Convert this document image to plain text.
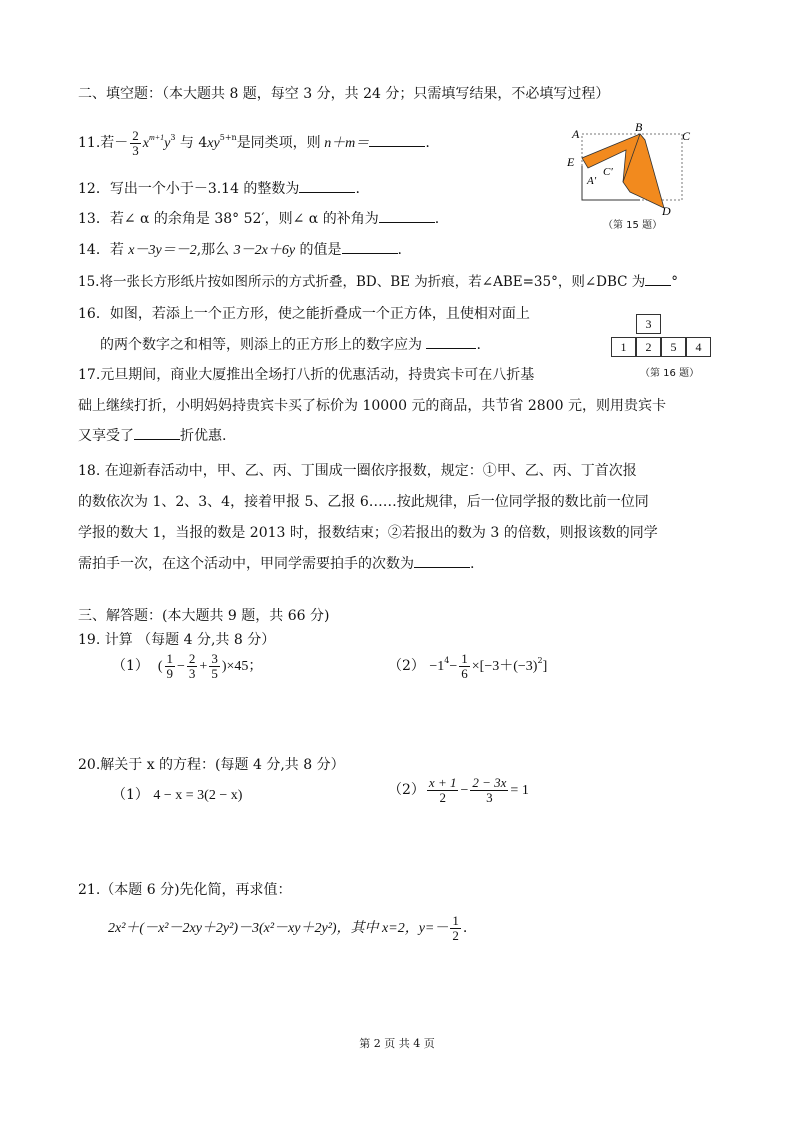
二、填空题：（本大题共 8 题，每空 3 分，共 24 分；只需填写结果，不必填写过程）
11.若－ $\frac{2}{3} x^{m+1}y^3$ 与 $4xy^{5+n}$是同类项，则 n＋m＝	.
12．写出一个小于－3.14 的整数为	.
13．若∠ α 的余角是 38° 52′，则∠ α 的补角为	.
14．若 x－3y＝－2,那么 3－2x＋6y 的值是	.
15.将一张长方形纸片按如图所示的方式折叠，BD、BE 为折痕，若∠ABE=35°，则∠DBC 为 °
A	B
C
E
A′
C′
D
（第 15 题）
16．如图，若添上一个正方形，使之能折叠成一个正方体，且使相对面上
的两个数字之和相等，则添上的正方形上的数字应为	.
3
1	2	5	4
（第 16 题）
17.元旦期间，商业大厦推出全场打八折的优惠活动，持贵宾卡可在八折基
础上继续打折，小明妈妈持贵宾卡买了标价为 10000 元的商品，共节省 2800 元，则用贵宾卡
又享受了	折优惠.
18. 在迎新春活动中，甲、乙、丙、丁围成一圈依序报数，规定：①甲、乙、丙、丁首次报
的数依次为 1、2、3、4，接着甲报 5、乙报 6……按此规律，后一位同学报的数比前一位同
学报的数大 1，当报的数是 2013 时，报数结束；②若报出的数为 3 的倍数，则报该数的同学
需拍手一次，在这个活动中，甲同学需要拍手的次数为	.
三、解答题：(本大题共 9 题，共 66 分)
19. 计算 （每题 4 分,共 8 分）
（1） ( $\frac{1}{9} - \frac{2}{3} + \frac{3}{5} )\times 45$；	$(2) -1^4- \frac{1}{6} \times[-3+(-3)^2]$
20.解关于 x 的方程：(每题 4 分,共 8 分）
（1） 4 − x = 3(2 − x)	$(2) \frac{x + 1}{2} - \frac{2 - 3x}{3} = 1$
21.（本题 6 分)先化简，再求值：
2x²＋(－x²－2xy＋2y²)－3(x²－xy＋2y²)，其中 x=2，$y=- \frac{1}{2}$ .
第 2 页 共 4 页
